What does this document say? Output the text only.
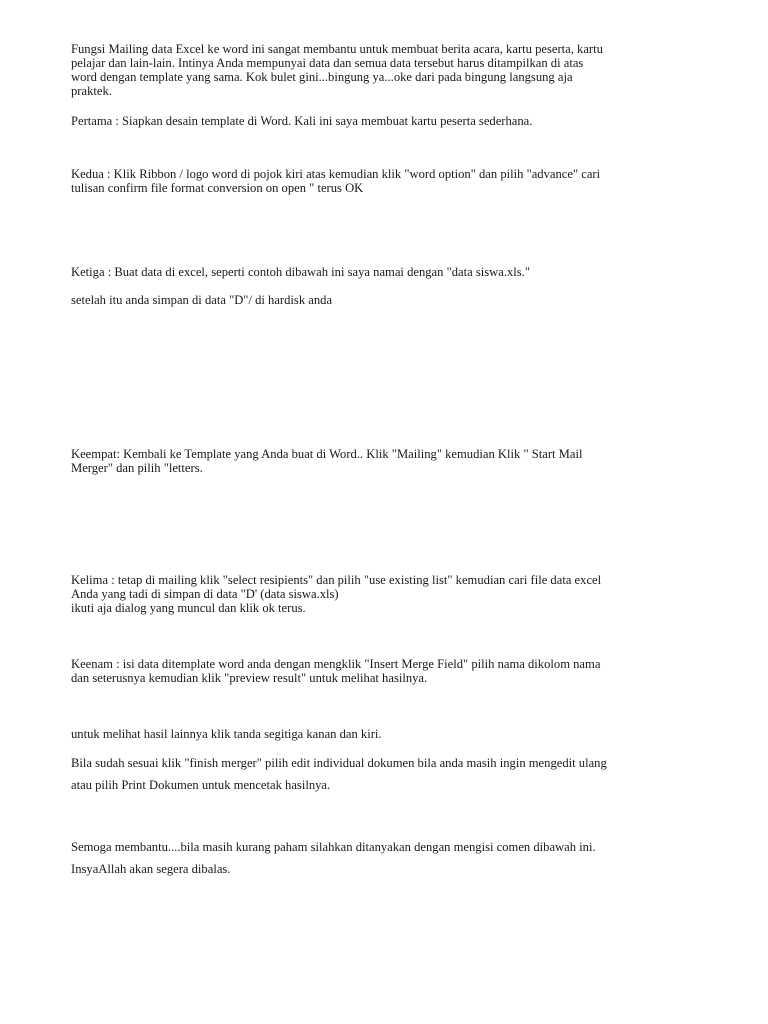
Fungsi Mailing data Excel ke word ini sangat membantu untuk membuat berita acara, kartu peserta, kartu
pelajar dan lain-lain. Intinya Anda mempunyai data dan semua data tersebut harus ditampilkan di atas
word dengan template yang sama. Kok bulet gini...bingung ya...oke dari pada bingung langsung aja
praktek.
Pertama : Siapkan desain template di Word. Kali ini saya membuat kartu peserta sederhana.
Kedua : Klik Ribbon / logo word di pojok kiri atas kemudian klik "word option" dan pilih "advance" cari
tulisan confirm file format conversion on open " terus OK
Ketiga : Buat data di excel, seperti contoh dibawah ini saya namai dengan "data siswa.xls."
setelah itu anda simpan di data "D"/ di hardisk anda
Keempat: Kembali ke Template yang Anda buat di Word.. Klik "Mailing" kemudian Klik " Start Mail
Merger" dan pilih "letters.
Kelima : tetap di mailing klik "select resipients" dan pilih "use existing list" kemudian cari file data excel
Anda yang tadi di simpan di data "D' (data siswa.xls)
ikuti aja dialog yang muncul dan klik ok terus.
Keenam : isi data ditemplate word anda dengan mengklik "Insert Merge Field" pilih nama dikolom nama
dan seterusnya kemudian klik "preview result" untuk melihat hasilnya.
untuk melihat hasil lainnya klik tanda segitiga kanan dan kiri.
Bila sudah sesuai klik "finish merger" pilih edit individual dokumen bila anda masih ingin mengedit ulang
atau pilih Print Dokumen untuk mencetak hasilnya.
Semoga membantu....bila masih kurang paham silahkan ditanyakan dengan mengisi comen dibawah ini.
InsyaAllah akan segera dibalas.
